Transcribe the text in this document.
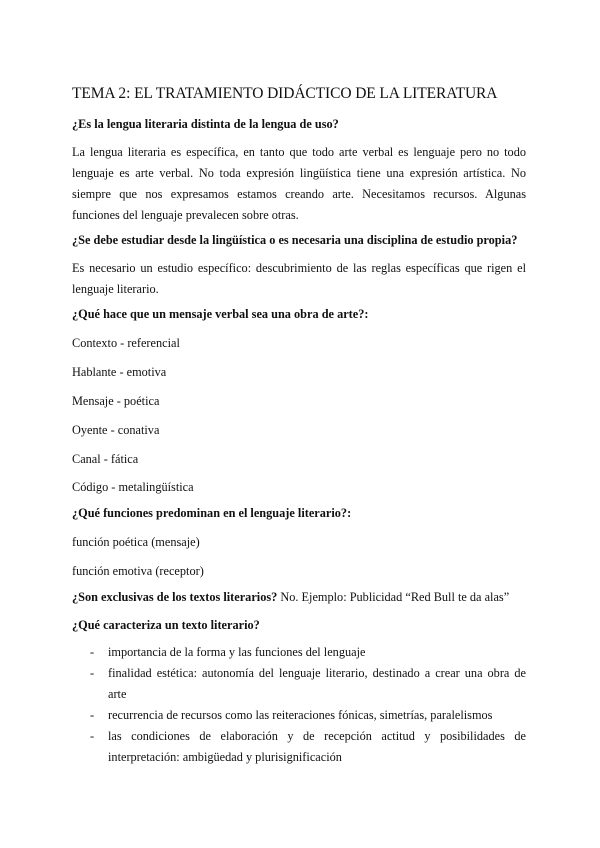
TEMA 2: EL TRATAMIENTO DIDÁCTICO DE LA LITERATURA
¿Es la lengua literaria distinta de la lengua de uso?

La lengua literaria es específica, en tanto que todo arte verbal es lenguaje pero no todo lenguaje es arte verbal. No toda expresión lingüística tiene una expresión artística. No siempre que nos expresamos estamos creando arte. Necesitamos recursos. Algunas funciones del lenguaje prevalecen sobre otras.

¿Se debe estudiar desde la lingüística o es necesaria una disciplina de estudio propia?

Es necesario un estudio específico: descubrimiento de las reglas específicas que rigen el lenguaje literario.

¿Qué hace que un mensaje verbal sea una obra de arte?:
Contexto - referencial
Hablante - emotiva
Mensaje - poética
Oyente - conativa
Canal - fática
Código - metalingüística
¿Qué funciones predominan en el lenguaje literario?:
función poética (mensaje)
función emotiva (receptor)
¿Son exclusivas de los textos literarios? No. Ejemplo: Publicidad “Red Bull te da alas”
¿Qué caracteriza un texto literario?
- importancia de la forma y las funciones del lenguaje
- finalidad estética: autonomía del lenguaje literario, destinado a crear una obra de arte
- recurrencia de recursos como las reiteraciones fónicas, simetrías, paralelismos
- las condiciones de elaboración y de recepción actitud y posibilidades de interpretación: ambigüedad y plurisignificación
